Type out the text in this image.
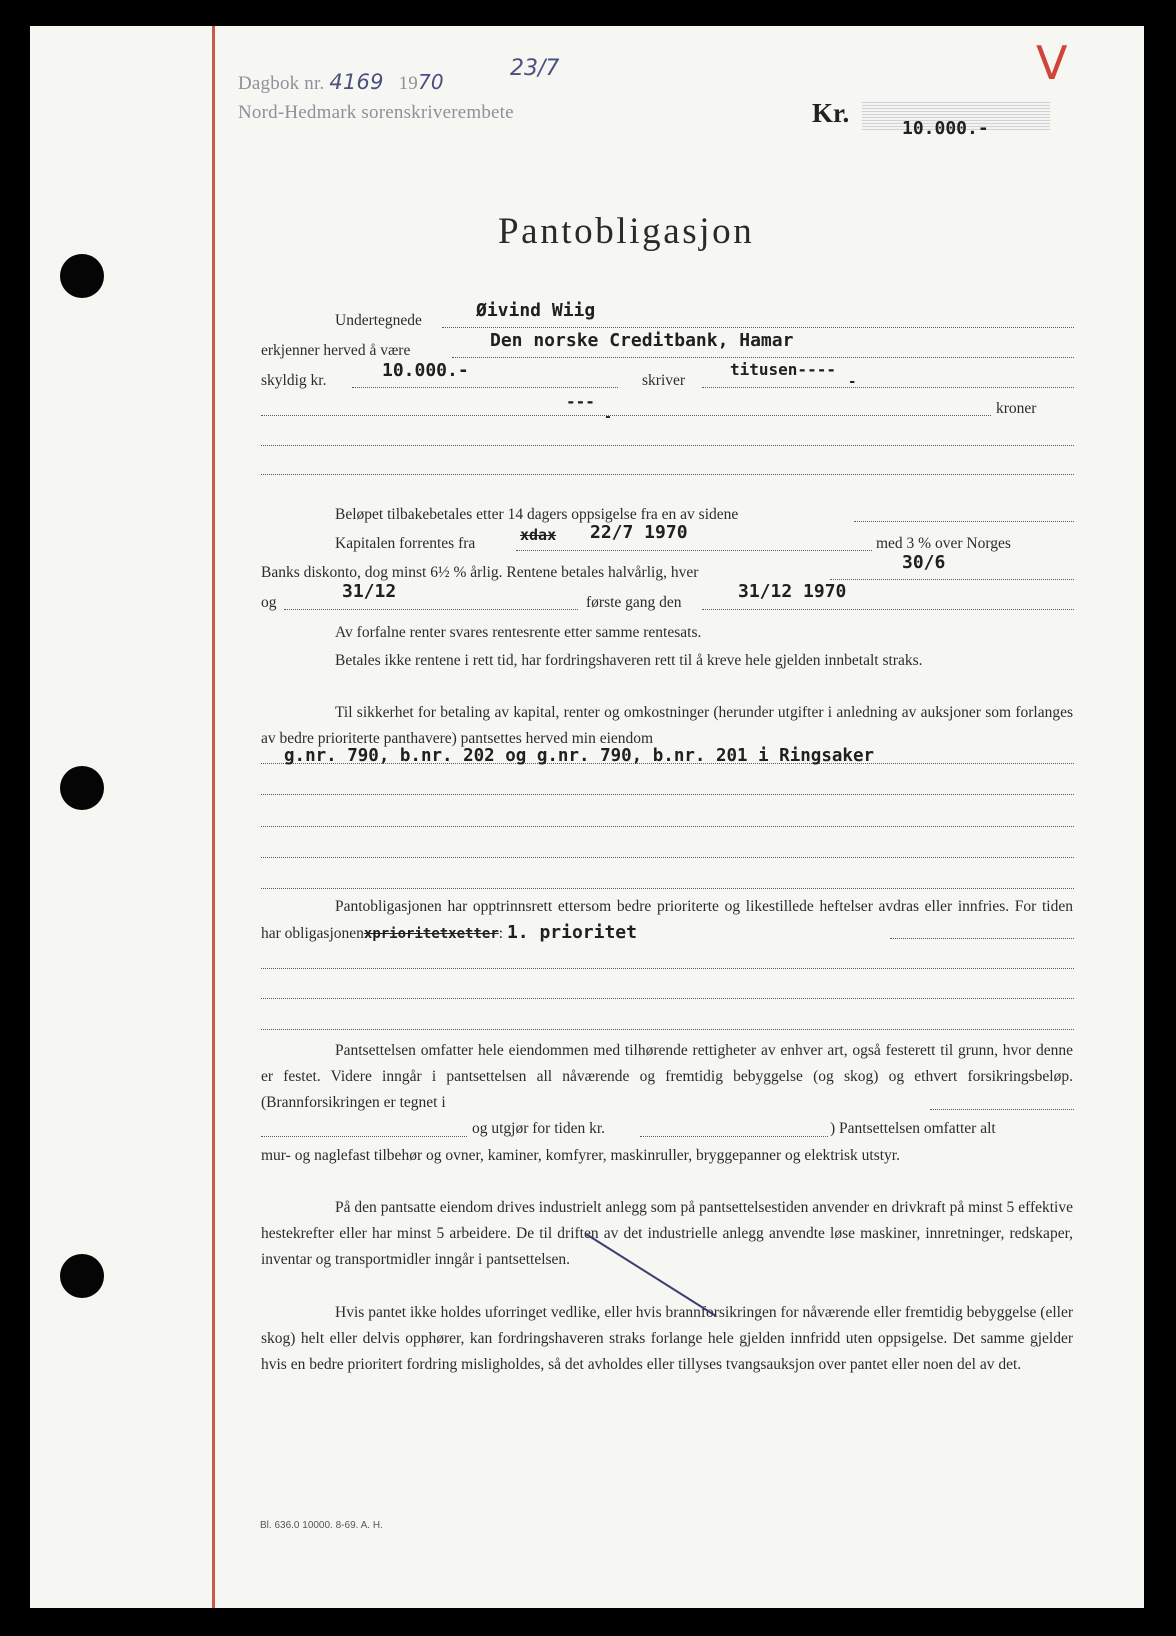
Dagbok nr. 4169 1970
23/7
Nord-Hedmark sorenskriverembete
V
Kr.
10.000.-
Pantobligasjon
Undertegnede	Øivind Wiig
erkjenner herved å være	Den norske Creditbank, Hamar
skyldig kr.	10.000.-	skriver
titusen----
-
---
-
kroner
Beløpet tilbakebetales etter 14 dagers oppsigelse fra en av sidene
Kapitalen forrentes fra	xdax 22/7 1970
med 3 % over Norges
Banks diskonto, dog minst 6½ % årlig. Rentene betales halvårlig, hver	30/6
og
31/12
første gang den
31/12 1970
Av forfalne renter svares rentesrente etter samme rentesats.

Betales ikke rentene i rett tid, har fordringshaveren rett til å kreve hele gjelden innbetalt straks.

Til sikkerhet for betaling av kapital, renter og omkostninger (herunder utgifter i anledning av auksjoner som forlanges av bedre prioriterte panthavere) pantsettes herved min eiendom

g.nr. 790, b.nr. 202 og g.nr. 790, b.nr. 201 i Ringsaker
Pantobligasjonen har opptrinnsrett ettersom bedre prioriterte og likestillede heftelser avdras eller innfries. For tiden har obligasjonenxprioritetxetter: 1. prioritet

Pantsettelsen omfatter hele eiendommen med tilhørende rettigheter av enhver art, også festerett til grunn, hvor denne er festet. Videre inngår i pantsettelsen all nåværende og fremtidig bebyggelse (og skog) og ethvert forsikringsbeløp. (Brannforsikringen er tegnet i

og utgjør for tiden kr.	) Pantsettelsen omfatter alt

mur- og naglefast tilbehør og ovner, kaminer, komfyrer, maskinruller, bryggepanner og elektrisk utstyr.

På den pantsatte eiendom drives industrielt anlegg som på pantsettelsestiden anvender en drivkraft på minst 5 effektive hestekrefter eller har minst 5 arbeidere. De til driften av det industrielle anlegg anvendte løse maskiner, innretninger, redskaper, inventar og transportmidler inngår i pantsettelsen.

Hvis pantet ikke holdes uforringet vedlike, eller hvis brannforsikringen for nåværende eller fremtidig bebyggelse (eller skog) helt eller delvis opphører, kan fordringshaveren straks forlange hele gjelden innfridd uten oppsigelse. Det samme gjelder hvis en bedre prioritert fordring misligholdes, så det avholdes eller tillyses tvangsauksjon over pantet eller noen del av det.

Bl. 636.0 10000. 8-69. A. H.
